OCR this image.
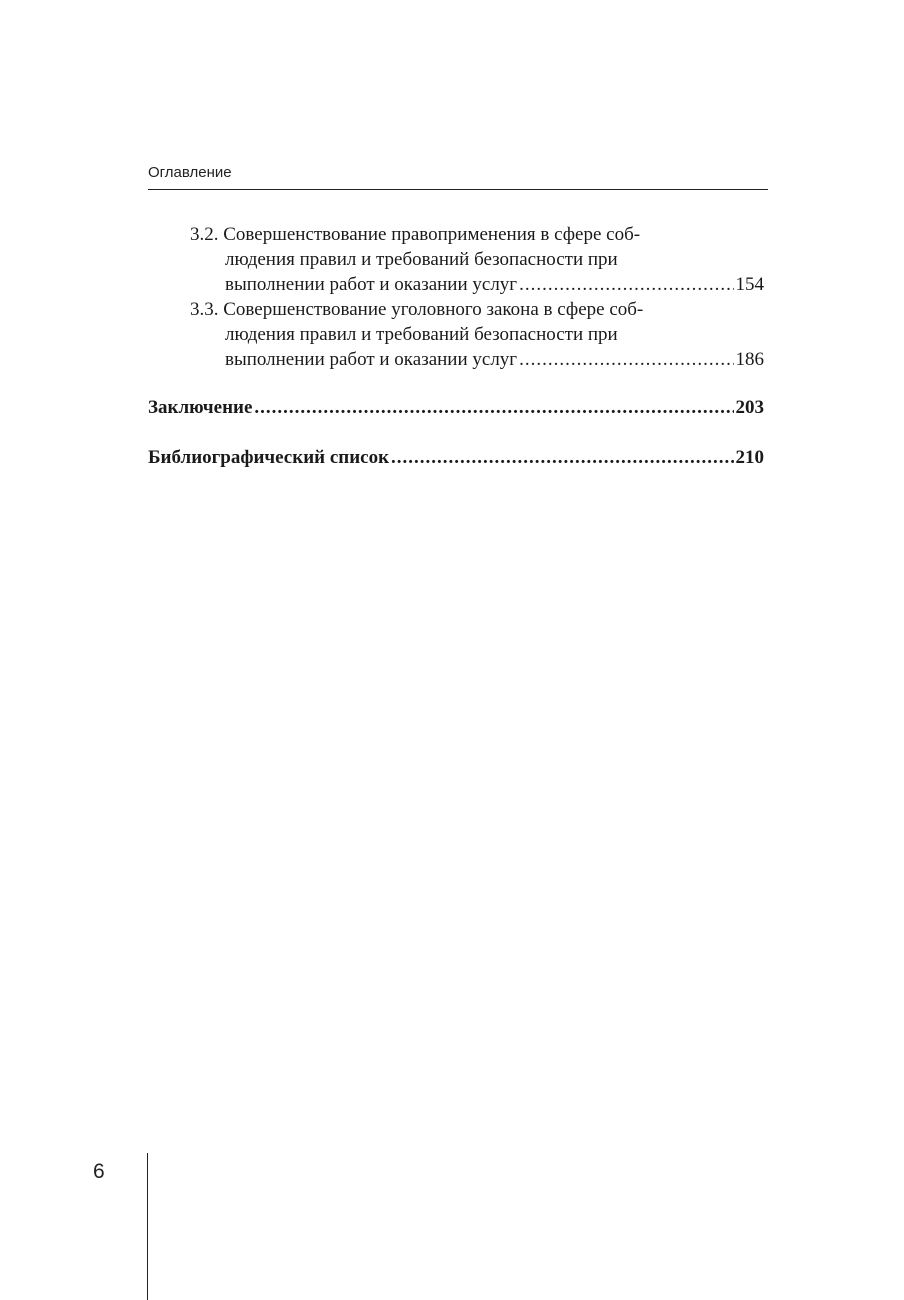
Оглавление
3.2. Совершенствование правоприменения в сфере соб-
людения правил и требований безопасности при
выполнении работ и оказании услуг .....	154
3.3. Совершенствование уголовного закона в сфере соб-
людения правил и требований безопасности при
выполнении работ и оказании услуг .....	186
Заключение .....	203
Библиографический список .....	210
6
